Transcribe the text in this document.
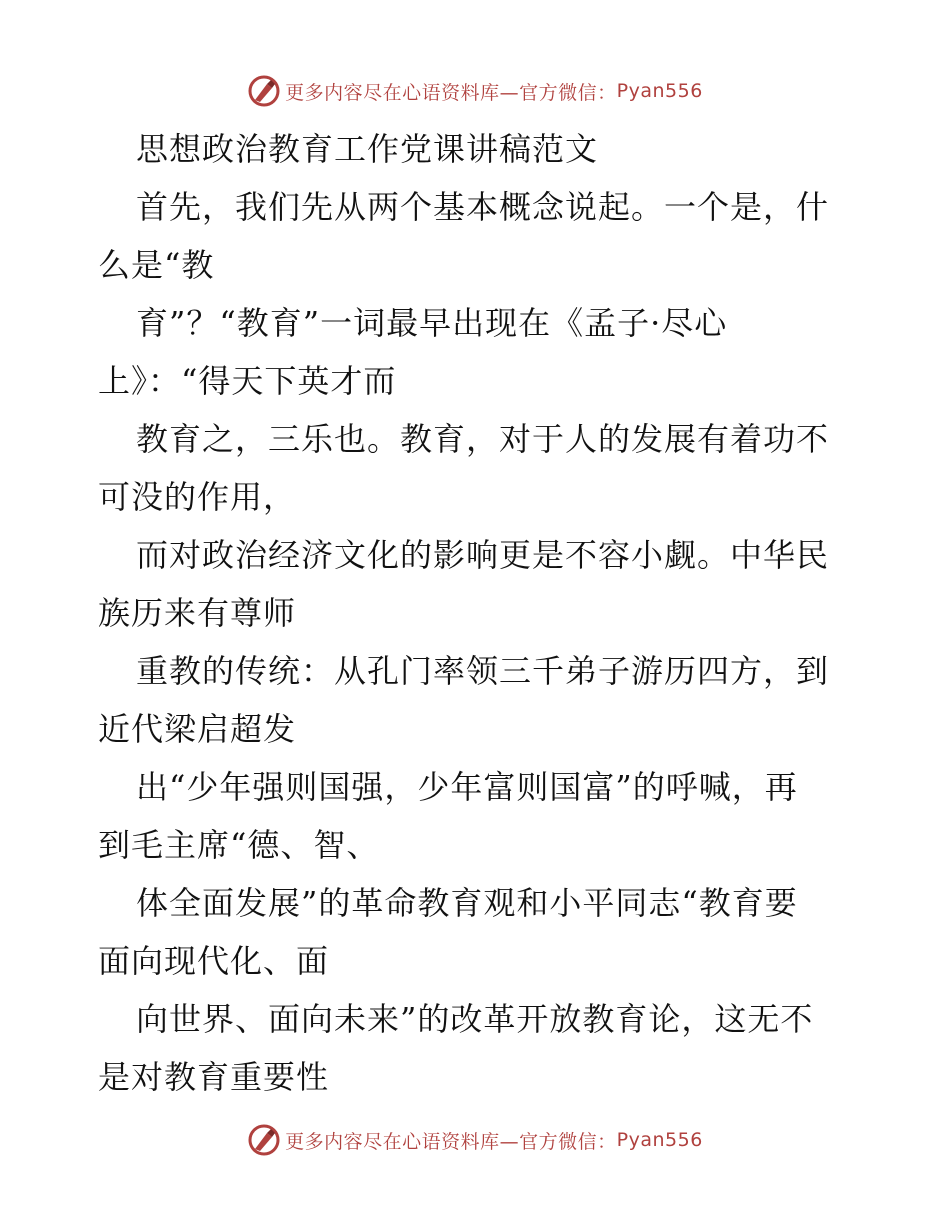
更多内容尽在心语资料库—官方微信： Pyan556
思想政治教育工作党课讲稿范文
首先，我们先从两个基本概念说起。一个是，什
么是“教
育”？“教育”一词最早出现在《孟子·尽心
上》：“得天下英才而
教育之，三乐也。教育，对于人的发展有着功不
可没的作用，
而对政治经济文化的影响更是不容小觑。中华民
族历来有尊师
重教的传统：从孔门率领三千弟子游历四方，到
近代梁启超发
出“少年强则国强，少年富则国富”的呼喊，再
到毛主席“德、智、
体全面发展”的革命教育观和小平同志“教育要
面向现代化、面
向世界、面向未来”的改革开放教育论，这无不
是对教育重要性
更多内容尽在心语资料库—官方微信： Pyan556
